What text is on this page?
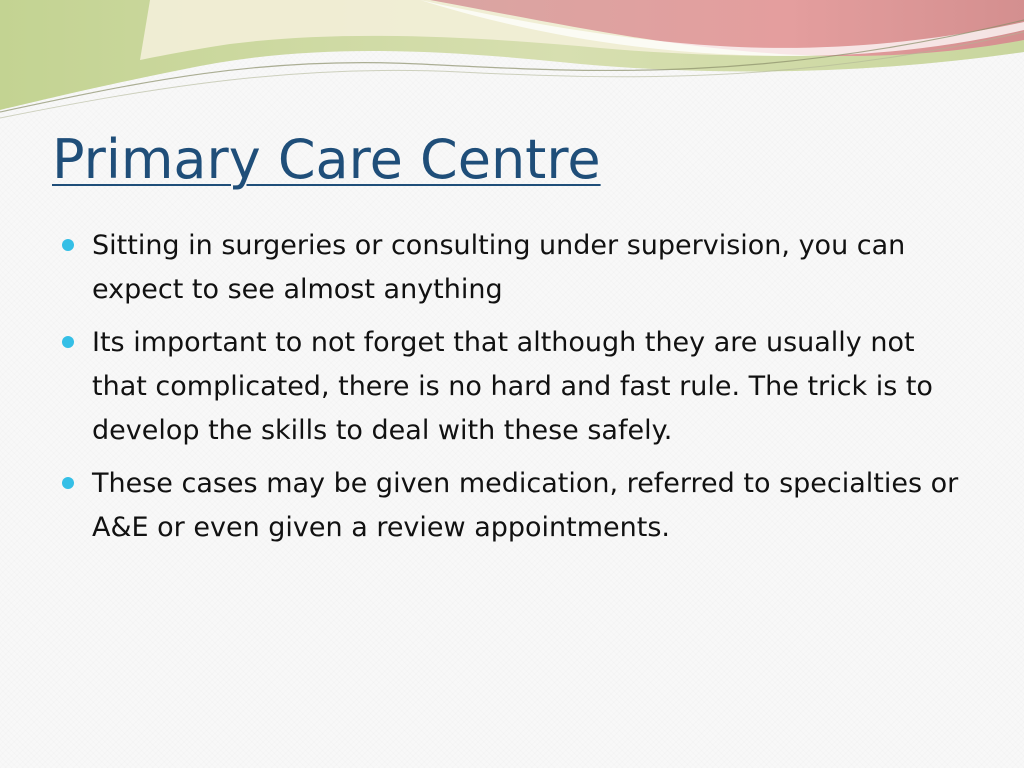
Primary Care Centre
Sitting in surgeries or consulting under supervision, you can expect to see almost anything
Its important to not forget that although they are usually not that complicated, there is no hard and fast rule. The trick is to develop the skills to deal with these safely.
These cases may be given medication, referred to specialties or A&E or even given a review appointments.
